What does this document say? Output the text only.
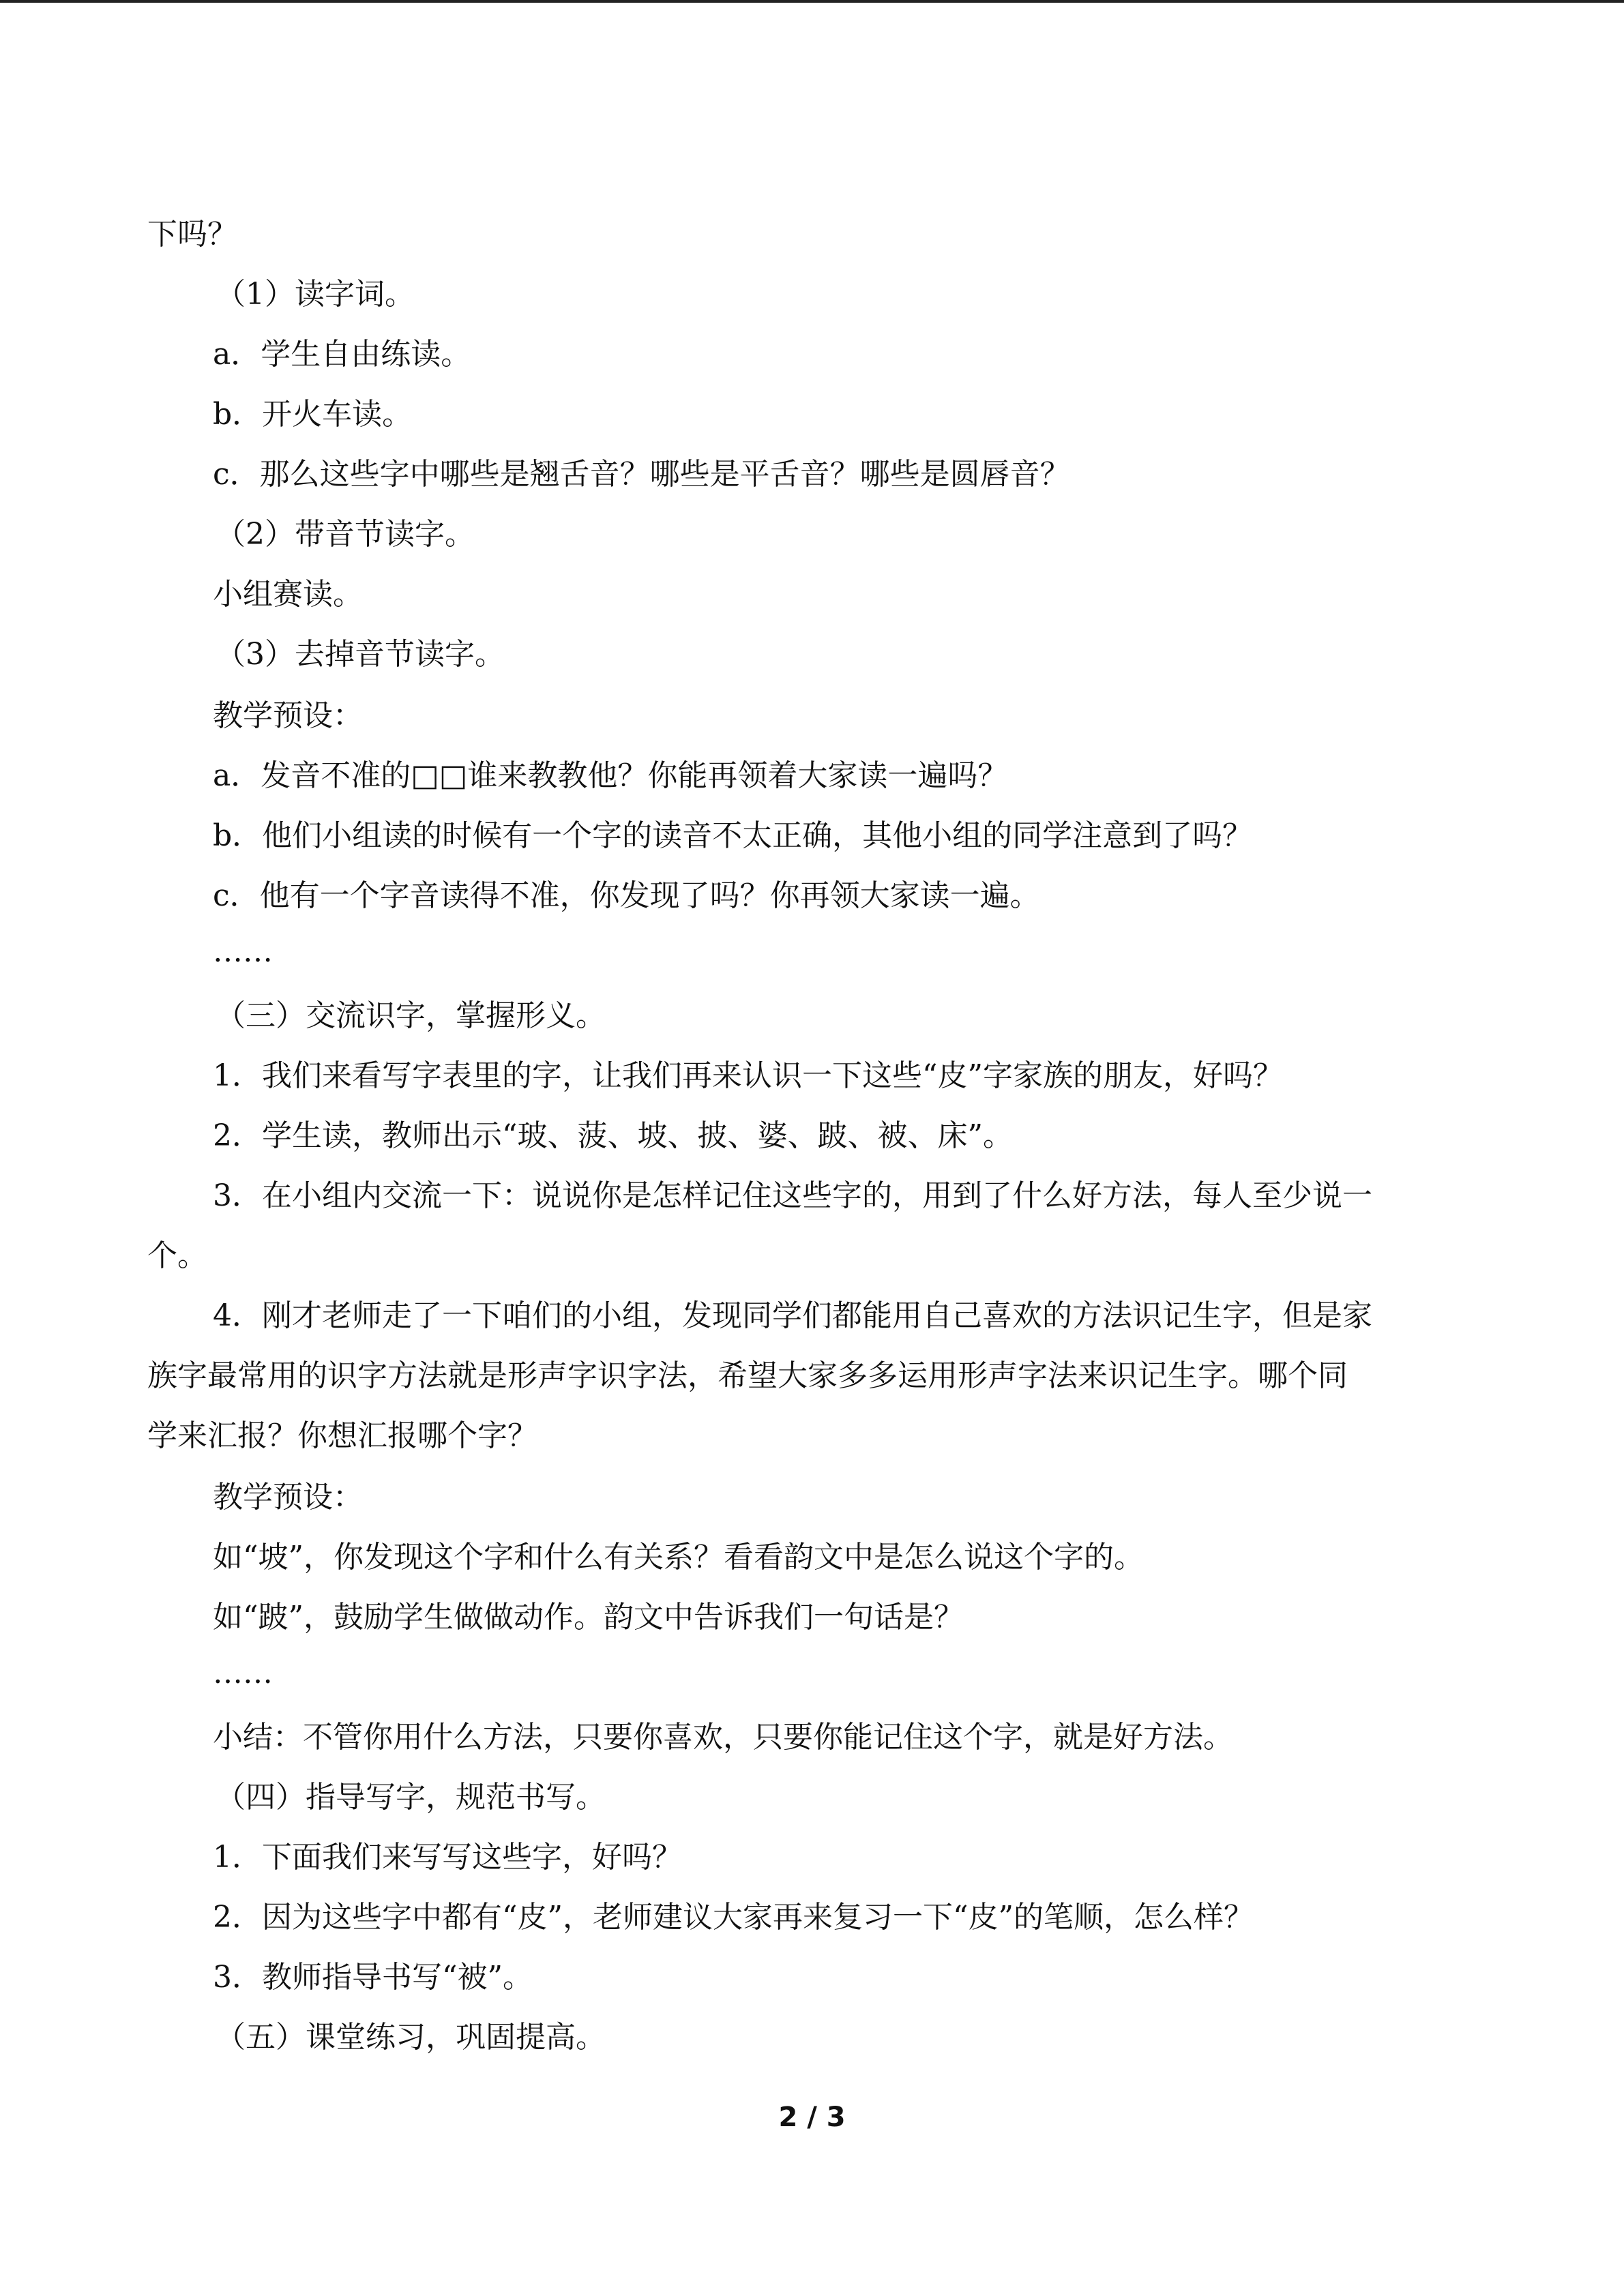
下吗？
（1）读字词。
a．学生自由练读。
b．开火车读。
c．那么这些字中哪些是翘舌音？哪些是平舌音？哪些是圆唇音？
（2）带音节读字。
小组赛读。
（3）去掉音节读字。
教学预设：
a．发音不准的□□谁来教教他？你能再领着大家读一遍吗？
b．他们小组读的时候有一个字的读音不太正确，其他小组的同学注意到了吗？
c．他有一个字音读得不准，你发现了吗？你再领大家读一遍。
……
（三）交流识字，掌握形义。
1．我们来看写字表里的字，让我们再来认识一下这些“皮”字家族的朋友，好吗？
2．学生读，教师出示“玻、菠、坡、披、婆、跛、被、床”。
3．在小组内交流一下：说说你是怎样记住这些字的，用到了什么好方法，每人至少说一
个。
4．刚才老师走了一下咱们的小组，发现同学们都能用自己喜欢的方法识记生字，但是家
族字最常用的识字方法就是形声字识字法，希望大家多多运用形声字法来识记生字。哪个同
学来汇报？你想汇报哪个字？
教学预设：
如“坡”，你发现这个字和什么有关系？看看韵文中是怎么说这个字的。
如“跛”，鼓励学生做做动作。韵文中告诉我们一句话是？
……
小结：不管你用什么方法，只要你喜欢，只要你能记住这个字，就是好方法。
（四）指导写字，规范书写。
1．下面我们来写写这些字，好吗？
2．因为这些字中都有“皮”，老师建议大家再来复习一下“皮”的笔顺，怎么样？
3．教师指导书写“被”。
（五）课堂练习，巩固提高。
2 / 3
